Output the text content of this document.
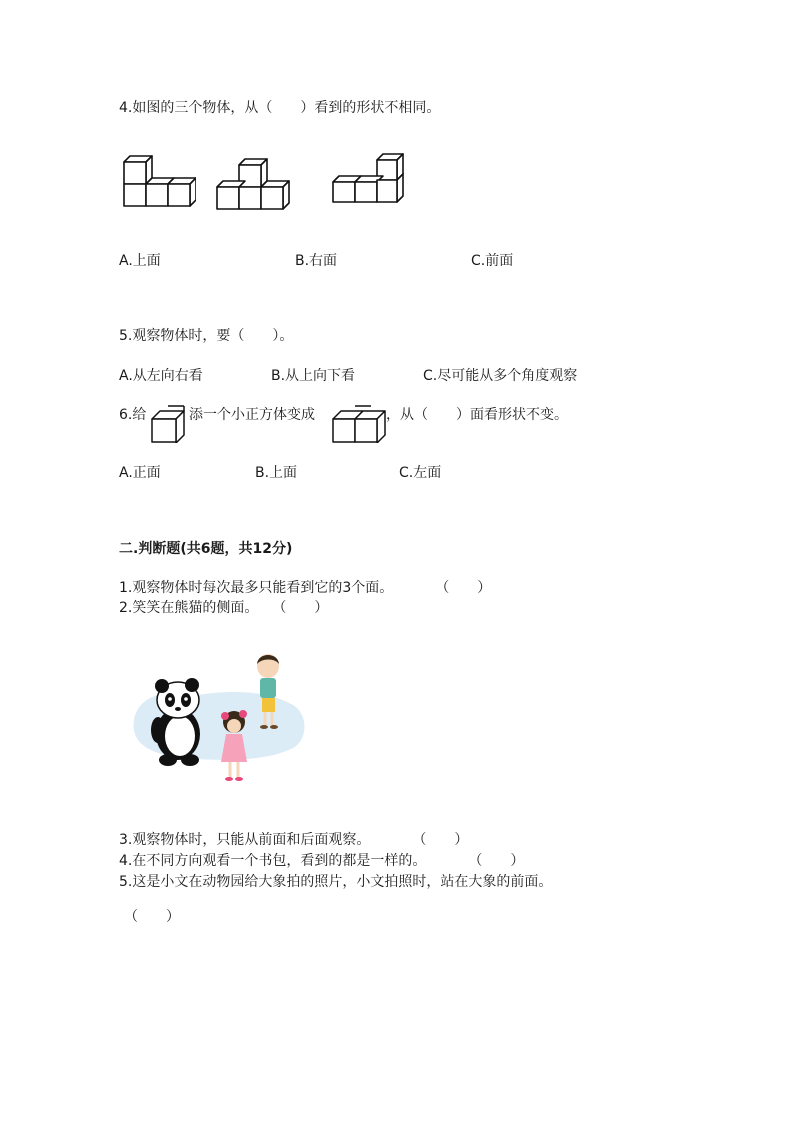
4.如图的三个物体，从（　　）看到的形状不相同。
A.上面	B.右面	C.前面
5.观察物体时，要（　　）。
A.从左向右看	B.从上向下看	C.尽可能从多个角度观察
6.给	添一个小正方体变成	，从（　　）面看形状不变。
A.正面	B.上面	C.左面
二.判断题(共6题，共12分)
1.观察物体时每次最多只能看到它的3个面。　　　　（　　）
2.笑笑在熊猫的侧面。　　（　　）
3.观察物体时，只能从前面和后面观察。　　　　（　　）
4.在不同方向观看一个书包，看到的都是一样的。　　　　（　　）
5.这是小文在动物园给大象拍的照片，小文拍照时，站在大象的前面。
（　　）
